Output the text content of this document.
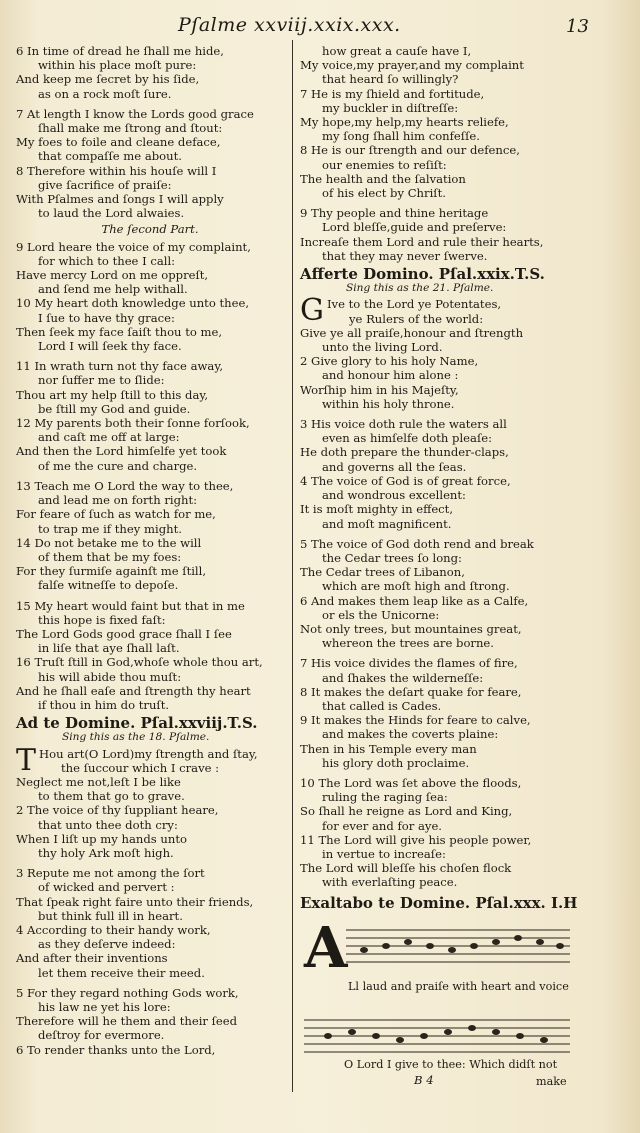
Pſalme xxviij.xxix.xxx.	13
6 In time of dread he ſhall me hide,
within his place moſt pure:
And keep me ſecret by his ſide,
as on a rock moſt ſure.
7 At length I know the Lords good grace
ſhall make me ſtrong and ſtout:
My foes to foile and cleane deface,
that compaſſe me about.
8 Therefore within his houſe will I
give ſacrifice of praiſe:
With Pſalmes and ſongs I will apply
to laud the Lord alwaies.
The ſecond Part.
9 Lord heare the voice of my complaint,
for which to thee I call:
Have mercy Lord on me oppreſt,
and ſend me help withall.
10 My heart doth knowledge unto thee,
I ſue to have thy grace:
Then ſeek my face ſaiſt thou to me,
Lord I will ſeek thy face.
11 In wrath turn not thy face away,
nor ſuffer me to ſlide:
Thou art my help ſtill to this day,
be ſtill my God and guide.
12 My parents both their ſonne forſook,
and caſt me off at large:
And then the Lord himſelfe yet took
of me the cure and charge.
13 Teach me O Lord the way to thee,
and lead me on forth right:
For feare of ſuch as watch for me,
to trap me if they might.
14 Do not betake me to the will
of them that be my foes:
For they ſurmiſe againſt me ſtill,
falſe witneſſe to depoſe.
15 My heart would faint but that in me
this hope is fixed faſt:
The Lord Gods good grace ſhall I ſee
in liſe that aye ſhall laſt.
16 Truſt ſtill in God,whoſe whole thou art,
his will abide thou muſt:
And he ſhall eaſe and ſtrength thy heart
if thou in him do truſt.
Ad te Domine. Pſal.xxviij.T.S.
Sing this as the 18. Pſalme.
T Hou art(O Lord)my ſtrength and ſtay,
the ſuccour which I crave :
Neglect me not,leſt I be like
to them that go to grave.
2 The voice of thy ſuppliant heare,
that unto thee doth cry:
When I liſt up my hands unto
thy holy Ark moſt high.
3 Repute me not among the ſort
of wicked and pervert :
That ſpeak right faire unto their friends,
but think full ill in heart.
4 According to their handy work,
as they deſerve indeed:
And after their inventions
let them receive their meed.
5 For they regard nothing Gods work,
his law ne yet his lore:
Therefore will he them and their ſeed
deſtroy for evermore.
6 To render thanks unto the Lord,
how great a cauſe have I,
My voice,my prayer,and my complaint
that heard ſo willingly?
7 He is my ſhield and fortitude,
my buckler in diſtreſſe:
My hope,my help,my hearts reliefe,
my ſong ſhall him confeſſe.
8 He is our ſtrength and our defence,
our enemies to reſiſt:
The health and the ſalvation
of his elect by Chriſt.
9 Thy people and thine heritage
Lord bleſſe,guide and preſerve:
Increaſe them Lord and rule their hearts,
that they may never ſwerve.
Afferte Domino. Pſal.xxix.T.S.
Sing this as the 21. Pſalme.
G Ive to the Lord ye Potentates,
ye Rulers of the world:
Give ye all praiſe,honour and ſtrength
unto the living Lord.
2 Give glory to his holy Name,
and honour him alone :
Worſhip him in his Majeſty,
within his holy throne.
3 His voice doth rule the waters all
even as himſelfe doth pleaſe:
He doth prepare the thunder-claps,
and governs all the ſeas.
4 The voice of God is of great force,
and wondrous excellent:
It is moſt mighty in effect,
and moſt magnificent.
5 The voice of God doth rend and break
the Cedar trees ſo long:
The Cedar trees of Libanon,
which are moſt high and ſtrong.
6 And makes them leap like as a Calfe,
or els the Unicorne:
Not only trees, but mountaines great,
whereon the trees are borne.
7 His voice divides the flames of fire,
and ſhakes the wilderneſſe:
8 It makes the deſart quake for feare,
that called is Cades.
9 It makes the Hinds for feare to calve,
and makes the coverts plaine:
Then in his Temple every man
his glory doth proclaime.
10 The Lord was ſet above the floods,
ruling the raging ſea:
So ſhall he reigne as Lord and King,
for ever and for aye.
11 The Lord will give his people power,
in vertue to increaſe:
The Lord will bleſſe his choſen flock
with everlaſting peace.
Exaltabo te Domine. Pſal.xxx. I.H
A
Ll laud and praiſe with heart and voice
O Lord I give to thee: Which didſt not
B 4	make
